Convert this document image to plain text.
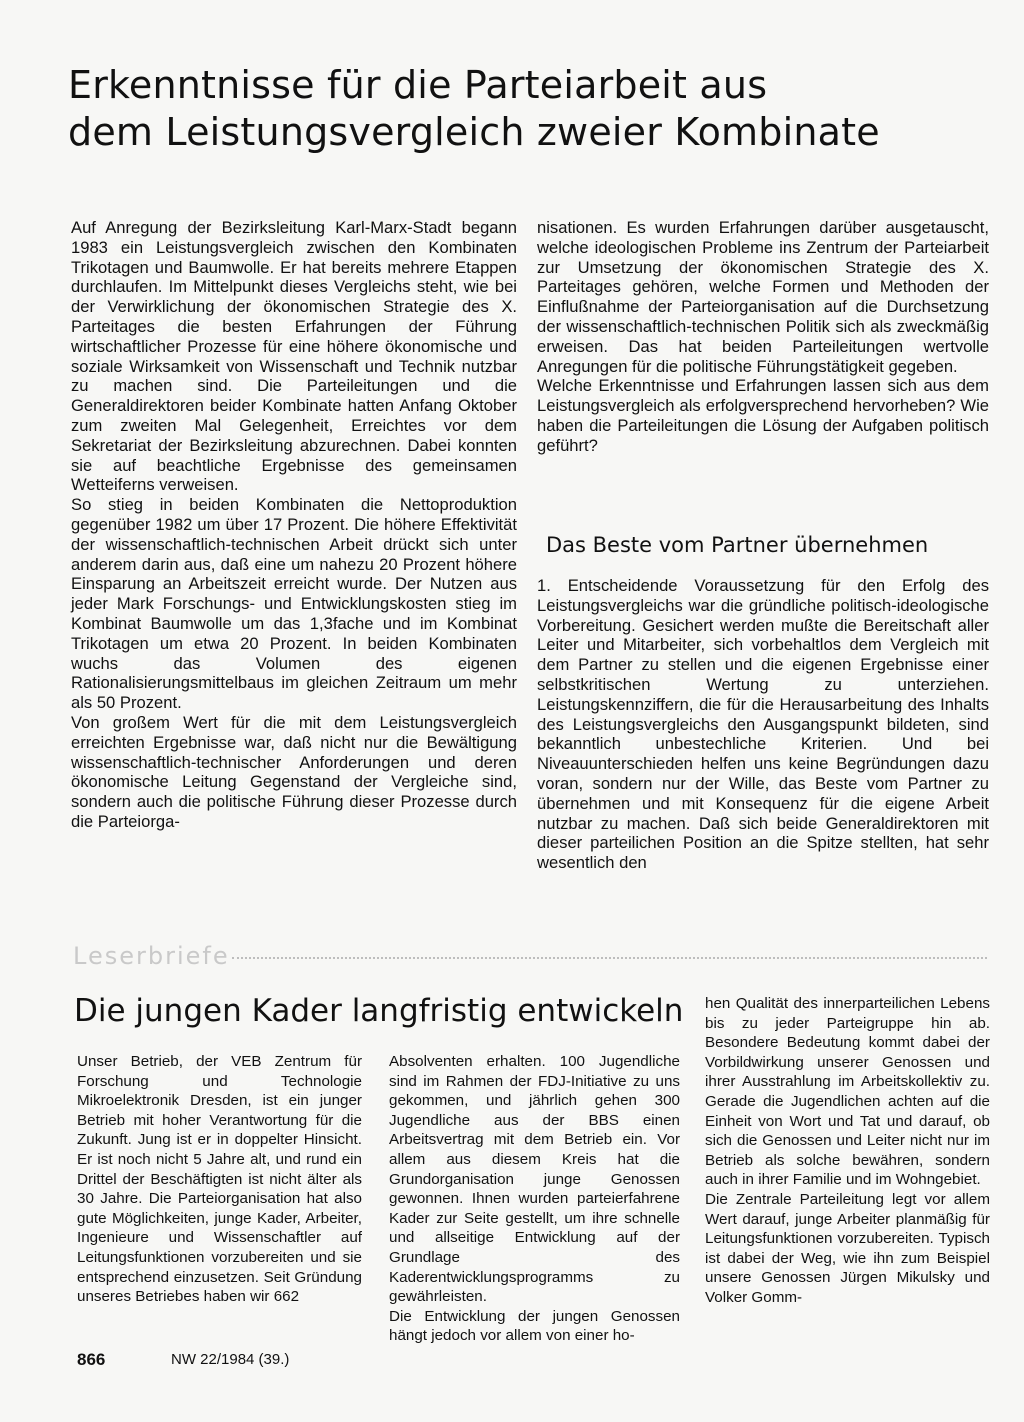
Erkenntnisse für die Parteiarbeit aus
dem Leistungsvergleich zweier Kombinate

Auf Anregung der Bezirksleitung Karl-Marx-Stadt begann 1983 ein Leistungsvergleich zwischen den Kombinaten Trikotagen und Baumwolle. Er hat bereits mehrere Etappen durchlaufen. Im Mittelpunkt dieses Vergleichs steht, wie bei der Verwirklichung der ökonomischen Strategie des X. Parteitages die besten Erfahrungen der Führung wirtschaftlicher Prozesse für eine höhere ökonomische und soziale Wirksamkeit von Wissenschaft und Technik nutzbar zu machen sind. Die Parteileitungen und die Generaldirektoren beider Kombinate hatten Anfang Oktober zum zweiten Mal Gelegenheit, Erreichtes vor dem Sekretariat der Bezirksleitung abzurechnen. Dabei konnten sie auf beachtliche Ergebnisse des gemeinsamen Wetteiferns verweisen.

So stieg in beiden Kombinaten die Nettoproduktion gegenüber 1982 um über 17 Prozent. Die höhere Effektivität der wissenschaftlich-technischen Arbeit drückt sich unter anderem darin aus, daß eine um nahezu 20 Prozent höhere Einsparung an Arbeitszeit erreicht wurde. Der Nutzen aus jeder Mark Forschungs- und Entwicklungskosten stieg im Kombinat Baumwolle um das 1,3fache und im Kombinat Trikotagen um etwa 20 Prozent. In beiden Kombinaten wuchs das Volumen des eigenen Rationalisierungsmittelbaus im gleichen Zeitraum um mehr als 50 Prozent.

Von großem Wert für die mit dem Leistungsvergleich erreichten Ergebnisse war, daß nicht nur die Bewältigung wissenschaftlich-technischer Anforderungen und deren ökonomische Leitung Gegenstand der Vergleiche sind, sondern auch die politische Führung dieser Prozesse durch die Parteiorga-

nisationen. Es wurden Erfahrungen darüber ausgetauscht, welche ideologischen Probleme ins Zentrum der Parteiarbeit zur Umsetzung der ökonomischen Strategie des X. Parteitages gehören, welche Formen und Methoden der Einflußnahme der Parteiorganisation auf die Durchsetzung der wissenschaftlich-technischen Politik sich als zweckmäßig erweisen. Das hat beiden Parteileitungen wertvolle Anregungen für die politische Führungstätigkeit gegeben.

Welche Erkenntnisse und Erfahrungen lassen sich aus dem Leistungsvergleich als erfolgversprechend hervorheben? Wie haben die Parteileitungen die Lösung der Aufgaben politisch geführt?

Das Beste vom Partner übernehmen

1. Entscheidende Voraussetzung für den Erfolg des Leistungsvergleichs war die gründliche politisch-ideologische Vorbereitung. Gesichert werden mußte die Bereitschaft aller Leiter und Mitarbeiter, sich vorbehaltlos dem Vergleich mit dem Partner zu stellen und die eigenen Ergebnisse einer selbstkritischen Wertung zu unterziehen. Leistungskennziffern, die für die Herausarbeitung des Inhalts des Leistungsvergleichs den Ausgangspunkt bildeten, sind bekanntlich unbestechliche Kriterien. Und bei Niveauunterschieden helfen uns keine Begründungen dazu voran, sondern nur der Wille, das Beste vom Partner zu übernehmen und mit Konsequenz für die eigene Arbeit nutzbar zu machen. Daß sich beide Generaldirektoren mit dieser parteilichen Position an die Spitze stellten, hat sehr wesentlich den

Leserbriefe

Die jungen Kader langfristig entwickeln

Unser Betrieb, der VEB Zentrum für Forschung und Technologie Mikroelektronik Dresden, ist ein junger Betrieb mit hoher Verantwortung für die Zukunft. Jung ist er in doppelter Hinsicht. Er ist noch nicht 5 Jahre alt, und rund ein Drittel der Beschäftigten ist nicht älter als 30 Jahre. Die Parteiorganisation hat also gute Möglichkeiten, junge Kader, Arbeiter, Ingenieure und Wissenschaftler auf Leitungsfunktionen vorzubereiten und sie entsprechend einzusetzen. Seit Gründung unseres Betriebes haben wir 662

Absolventen erhalten. 100 Jugendliche sind im Rahmen der FDJ-Initiative zu uns gekommen, und jährlich gehen 300 Jugendliche aus der BBS einen Arbeitsvertrag mit dem Betrieb ein. Vor allem aus diesem Kreis hat die Grundorganisation junge Genossen gewonnen. Ihnen wurden parteierfahrene Kader zur Seite gestellt, um ihre schnelle und allseitige Entwicklung auf der Grundlage des Kaderentwicklungsprogramms zu gewährleisten.

Die Entwicklung der jungen Genossen hängt jedoch vor allem von einer ho-

hen Qualität des innerparteilichen Lebens bis zu jeder Parteigruppe hin ab. Besondere Bedeutung kommt dabei der Vorbildwirkung unserer Genossen und ihrer Ausstrahlung im Arbeitskollektiv zu. Gerade die Jugendlichen achten auf die Einheit von Wort und Tat und darauf, ob sich die Genossen und Leiter nicht nur im Betrieb als solche bewähren, sondern auch in ihrer Familie und im Wohngebiet.

Die Zentrale Parteileitung legt vor allem Wert darauf, junge Arbeiter planmäßig für Leitungsfunktionen vorzubereiten. Typisch ist dabei der Weg, wie ihn zum Beispiel unsere Genossen Jürgen Mikulsky und Volker Gomm-

866	NW 22/1984 (39.)
